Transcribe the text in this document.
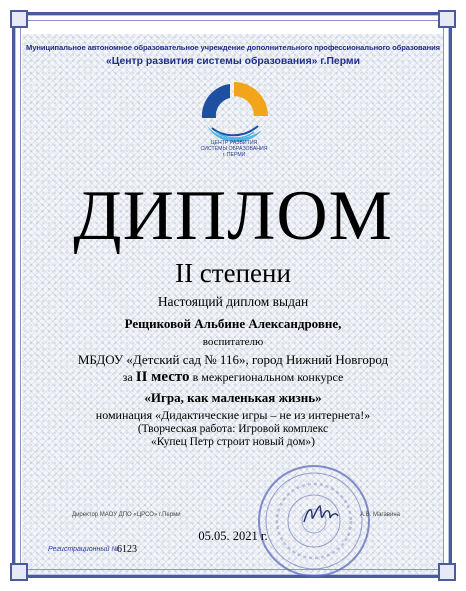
Муниципальное автономное образовательное учреждение дополнительного профессионального образования
«Центр развития системы образования» г.Перми
ЦЕНТР РАЗВИТИЯ
СИСТЕМЫ ОБРАЗОВАНИЯ
г. ПЕРМИ
ДИПЛОМ
II степени
Настоящий диплом выдан
Рещиковой Альбине Александровне,
воспитателю
МБДОУ «Детский сад № 116», город Нижний Новгород
за II место в межрегиональном конкурсе
«Игра, как маленькая жизнь»
номинация «Дидактические игры – не из интернета!»
(Творческая работа: Игровой комплекс
«Купец Петр строит новый дом»)
Директор МАОУ ДПО «ЦРСО» г.Перми	А.В. Магавина
05.05. 2021 г.
Регистрационный №
6123
